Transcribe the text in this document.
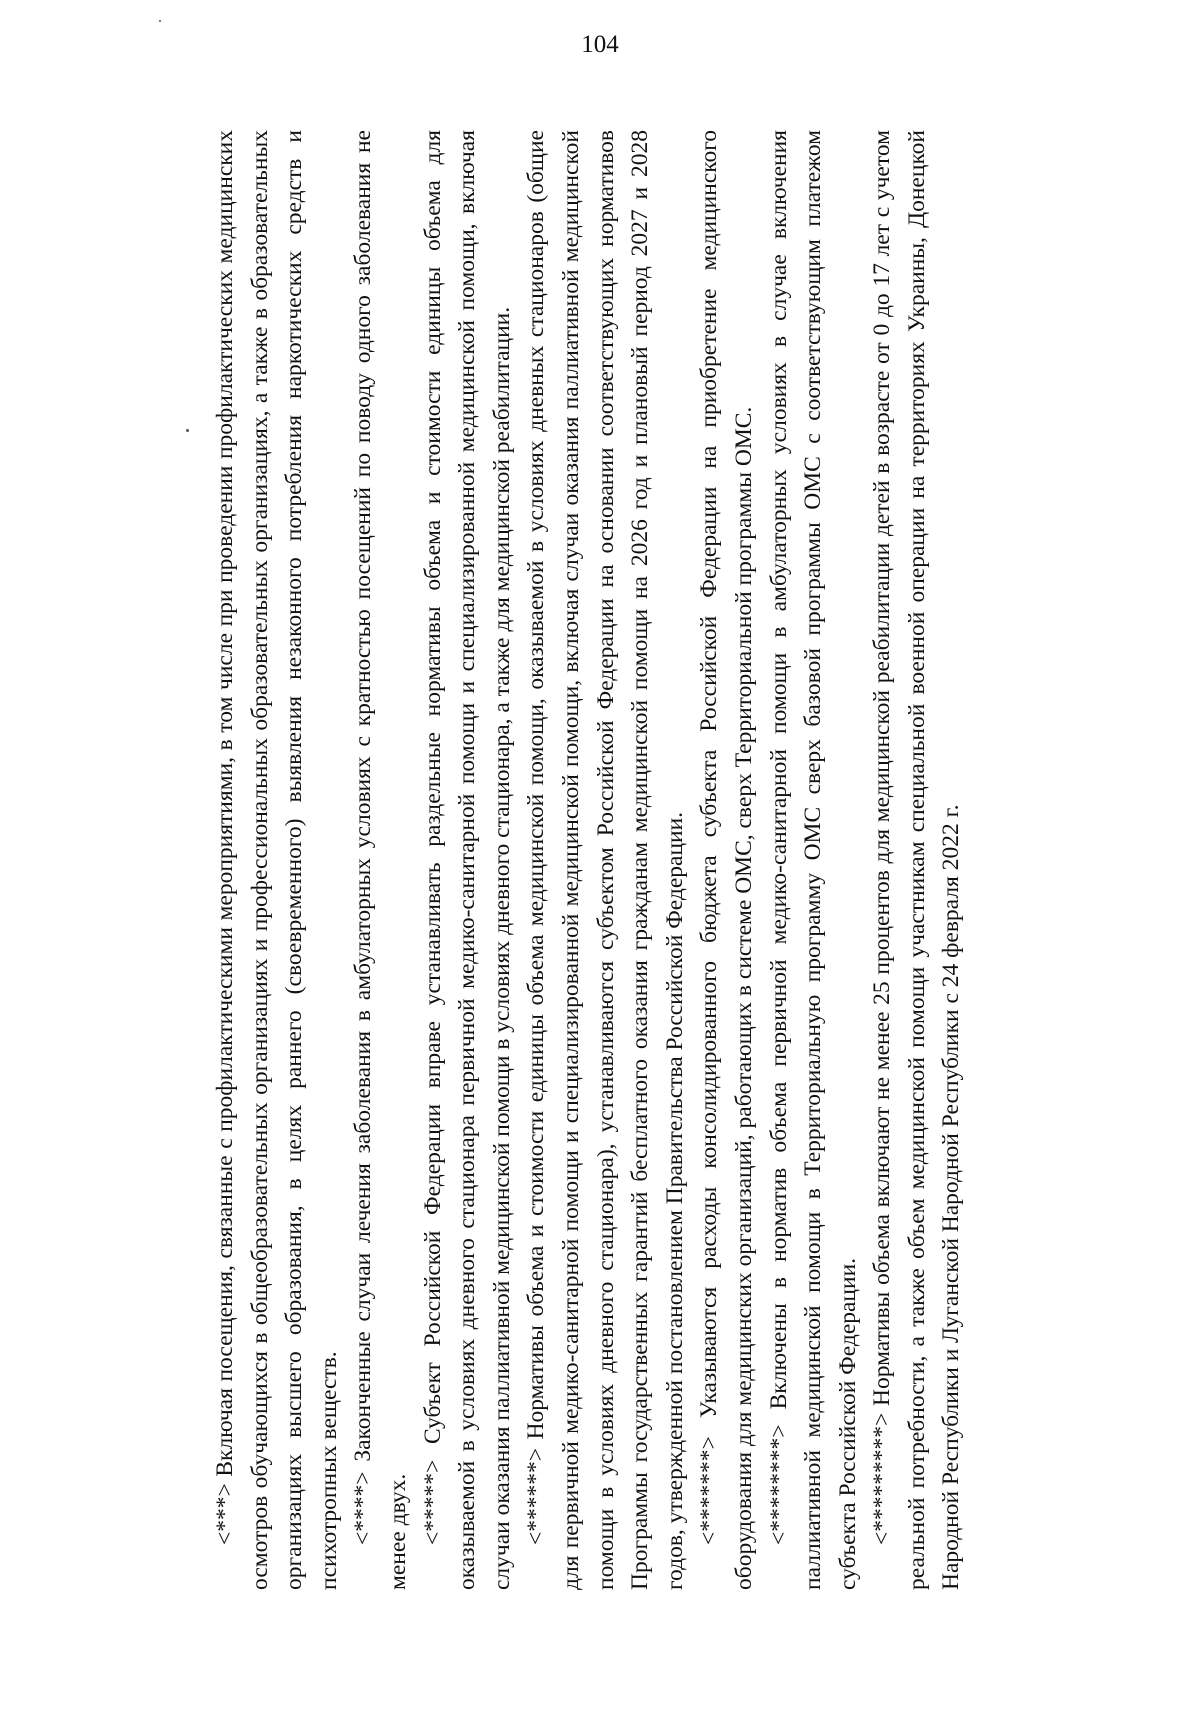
104

<***> Включая посещения, связанные с профилактическими мероприятиями, в том числе при проведении профилактических медицинских осмотров обучающихся в общеобразовательных организациях и профессиональных образовательных организациях, а также в образовательных организациях высшего образования, в целях раннего (своевременного) выявления незаконного потребления наркотических средств и психотропных веществ. <****> Законченные случаи лечения заболевания в амбулаторных условиях с кратностью посещений по поводу одного заболевания не менее двух. <*****> Субъект Российской Федерации вправе устанавливать раздельные нормативы объема и стоимости единицы объема для оказываемой в условиях дневного стационара первичной медико-санитарной помощи и специализированной медицинской помощи, включая случаи оказания паллиативной медицинской помощи в условиях дневного стационара, а также для медицинской реабилитации. <******> Нормативы объема и стоимости единицы объема медицинской помощи, оказываемой в условиях дневных стационаров (общие для первичной медико-санитарной помощи и специализированной медицинской помощи, включая случаи оказания паллиативной медицинской помощи в условиях дневного стационара), устанавливаются субъектом Российской Федерации на основании соответствующих нормативов Программы государственных гарантий бесплатного оказания гражданам медицинской помощи на 2026 год и плановый период 2027 и 2028 годов, утвержденной постановлением Правительства Российской Федерации. <*******> Указываются расходы консолидированного бюджета субъекта Российской Федерации на приобретение медицинского оборудования для медицинских организаций, работающих в системе ОМС, сверх Территориальной программы ОМС. <********> Включены в норматив объема первичной медико-санитарной помощи в амбулаторных условиях в случае включения паллиативной медицинской помощи в Территориальную программу ОМС сверх базовой программы ОМС с соответствующим платежом субъекта Российской Федерации. <*********> Нормативы объема включают не менее 25 процентов для медицинской реабилитации детей в возрасте от 0 до 17 лет с учетом реальной потребности, а также объем медицинской помощи участникам специальной военной операции на территориях Украины, Донецкой Народной Республики и Луганской Народной Республики с 24 февраля 2022 г.
